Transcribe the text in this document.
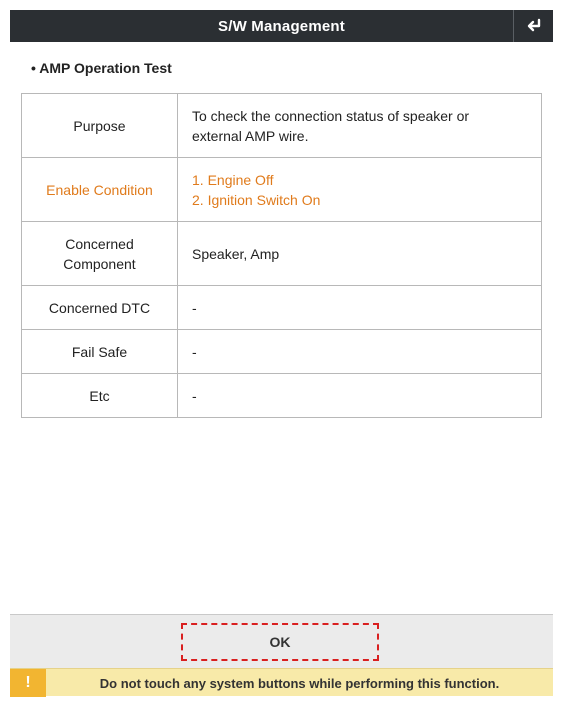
S/W Management
• AMP Operation Test
Purpose	To check the connection status of speaker or
external AMP wire.

Enable Condition	1. Engine Off
2. Ignition Switch On

Concerned
Component	Speaker, Amp

Concerned DTC	-

Fail Safe	-

Etc	-
OK
!	Do not touch any system buttons while performing this function.
